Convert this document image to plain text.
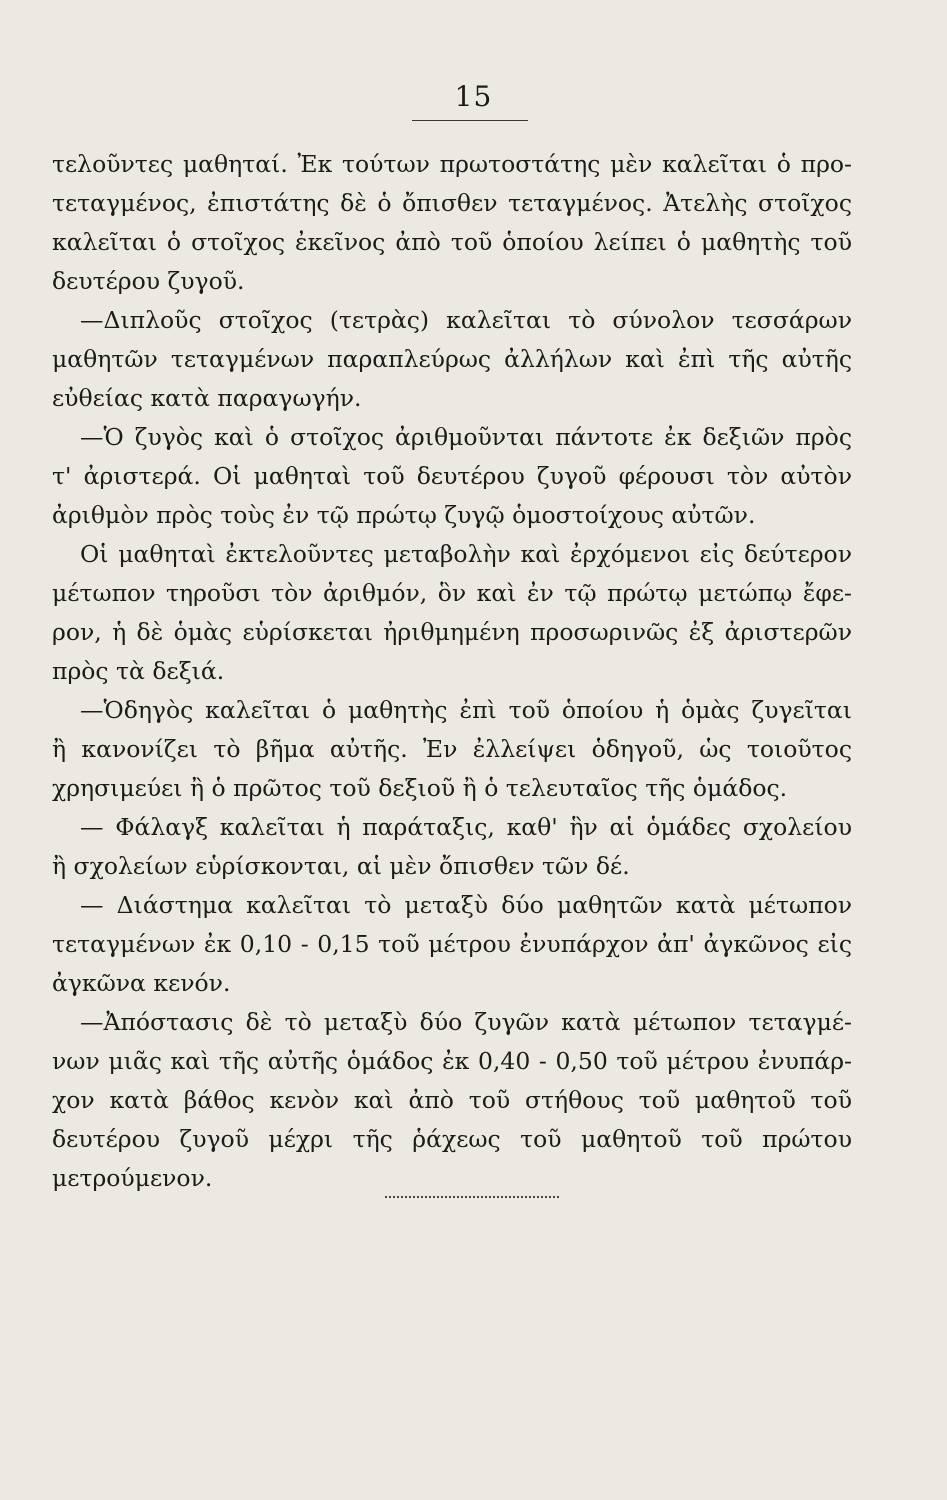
15
τελοῦντες μαθηταί. Ἐκ τούτων πρωτοστάτης μὲν καλεῖται ὁ προ-
τεταγμένος, ἐπιστάτης δὲ ὁ ὄπισθεν τεταγμένος. Ἀτελὴς στοῖχος
καλεῖται ὁ στοῖχος ἐκεῖνος ἀπὸ τοῦ ὁποίου λείπει ὁ μαθητὴς τοῦ
δευτέρου ζυγοῦ.
—Διπλοῦς στοῖχος (τετρὰς) καλεῖται τὸ σύνολον τεσσάρων
μαθητῶν τεταγμένων παραπλεύρως ἀλλήλων καὶ ἐπὶ τῆς αὐτῆς
εὐθείας κατὰ παραγωγήν.
—Ὁ ζυγὸς καὶ ὁ στοῖχος ἀριθμοῦνται πάντοτε ἐκ δεξιῶν πρὸς
τ' ἀριστερά. Οἱ μαθηταὶ τοῦ δευτέρου ζυγοῦ φέρουσι τὸν αὐτὸν
ἀριθμὸν πρὸς τοὺς ἐν τῷ πρώτῳ ζυγῷ ὁμοστοίχους αὐτῶν.
Οἱ μαθηταὶ ἐκτελοῦντες μεταβολὴν καὶ ἐρχόμενοι εἰς δεύτερον
μέτωπον τηροῦσι τὸν ἀριθμόν, ὃν καὶ ἐν τῷ πρώτῳ μετώπῳ ἔφε-
ρον, ἡ δὲ ὁμὰς εὑρίσκεται ἠριθμημένη προσωρινῶς ἐξ ἀριστερῶν
πρὸς τὰ δεξιά.
—Ὁδηγὸς καλεῖται ὁ μαθητὴς ἐπὶ τοῦ ὁποίου ἡ ὁμὰς ζυγεῖται
ἢ κανονίζει τὸ βῆμα αὐτῆς. Ἐν ἐλλείψει ὁδηγοῦ, ὡς τοιοῦτος
χρησιμεύει ἢ ὁ πρῶτος τοῦ δεξιοῦ ἢ ὁ τελευταῖος τῆς ὁμάδος.
— Φάλαγξ καλεῖται ἡ παράταξις, καθ' ἣν αἱ ὁμάδες σχολείου
ἢ σχολείων εὑρίσκονται, αἱ μὲν ὄπισθεν τῶν δέ.
— Διάστημα καλεῖται τὸ μεταξὺ δύο μαθητῶν κατὰ μέτωπον
τεταγμένων ἐκ 0,10 - 0,15 τοῦ μέτρου ἐνυπάρχον ἀπ' ἀγκῶνος εἰς
ἀγκῶνα κενόν.
—Ἀπόστασις δὲ τὸ μεταξὺ δύο ζυγῶν κατὰ μέτωπον τεταγμέ-
νων μιᾶς καὶ τῆς αὐτῆς ὁμάδος ἐκ 0,40 - 0,50 τοῦ μέτρου ἐνυπάρ-
χον κατὰ βάθος κενὸν καὶ ἀπὸ τοῦ στήθους τοῦ μαθητοῦ τοῦ
δευτέρου ζυγοῦ μέχρι τῆς ῥάχεως τοῦ μαθητοῦ τοῦ πρώτου
μετρούμενον.
